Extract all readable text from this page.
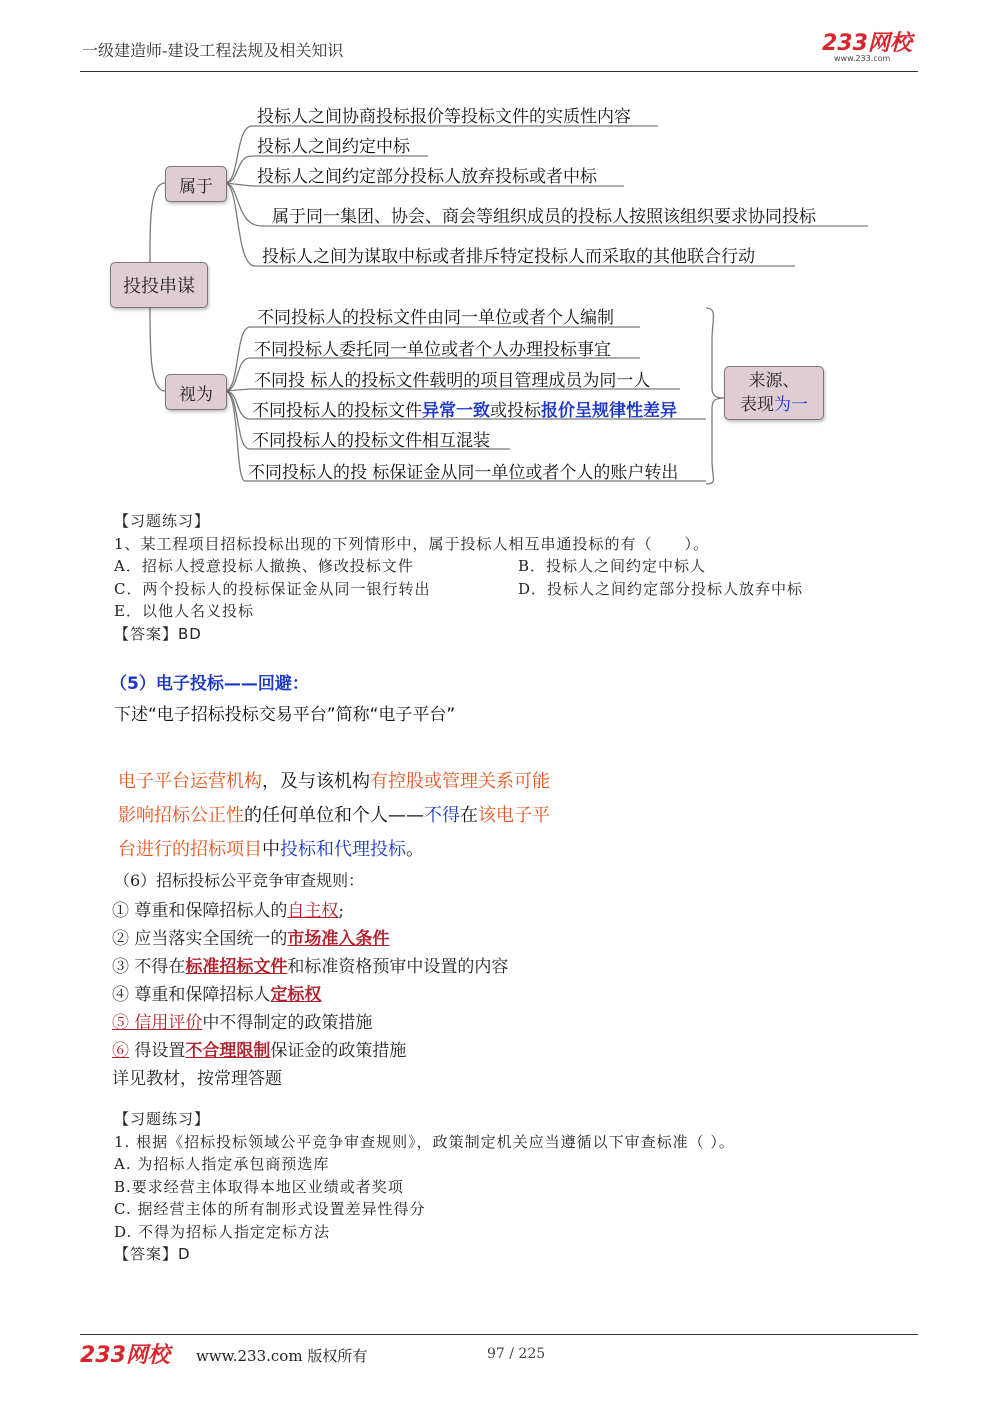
一级建造师-建设工程法规及相关知识	233网校
www.233.com
投投串谋
属于
视为
来源、
表现为一
投标人之间协商投标报价等投标文件的实质性内容
投标人之间约定中标
投标人之间约定部分投标人放弃投标或者中标
属于同一集团、协会、商会等组织成员的投标人按照该组织要求协同投标
投标人之间为谋取中标或者排斥特定投标人而采取的其他联合行动
不同投标人的投标文件由同一单位或者个人编制
不同投标人委托同一单位或者个人办理投标事宜
不同投 标人的投标文件载明的项目管理成员为同一人
不同投标人的投标文件异常一致或投标报价呈规律性差异
不同投标人的投标文件相互混装
不同投标人的投 标保证金从同一单位或者个人的账户转出
【习题练习】
1、某工程项目招标投标出现的下列情形中，属于投标人相互串通投标的有（　　）。
A．招标人授意投标人撤换、修改投标文件	B．投标人之间约定中标人
C．两个投标人的投标保证金从同一银行转出	D．投标人之间约定部分投标人放弃中标
E．以他人名义投标
【答案】BD
（5）电子投标——回避：
下述“电子招标投标交易平台”简称“电子平台”
电子平台运营机构，及与该机构有控股或管理关系可能
影响招标公正性的任何单位和个人——不得在该电子平
台进行的招标项目中投标和代理投标。
（6）招标投标公平竞争审查规则：
① 尊重和保障招标人的自主权;
② 应当落实全国统一的市场准入条件
③ 不得在标准招标文件和标准资格预审中设置的内容
④ 尊重和保障招标人定标权
⑤ 信用评价中不得制定的政策措施
⑥ 得设置不合理限制保证金的政策措施
详见教材，按常理答题
【习题练习】
1. 根据《招标投标领域公平竞争审查规则》，政策制定机关应当遵循以下审查标准（ ）。
A. 为招标人指定承包商预选库
B.要求经营主体取得本地区业绩或者奖项
C. 据经营主体的所有制形式设置差异性得分
D. 不得为招标人指定定标方法
【答案】D
233网校 www.233.com 版权所有	97 / 225
